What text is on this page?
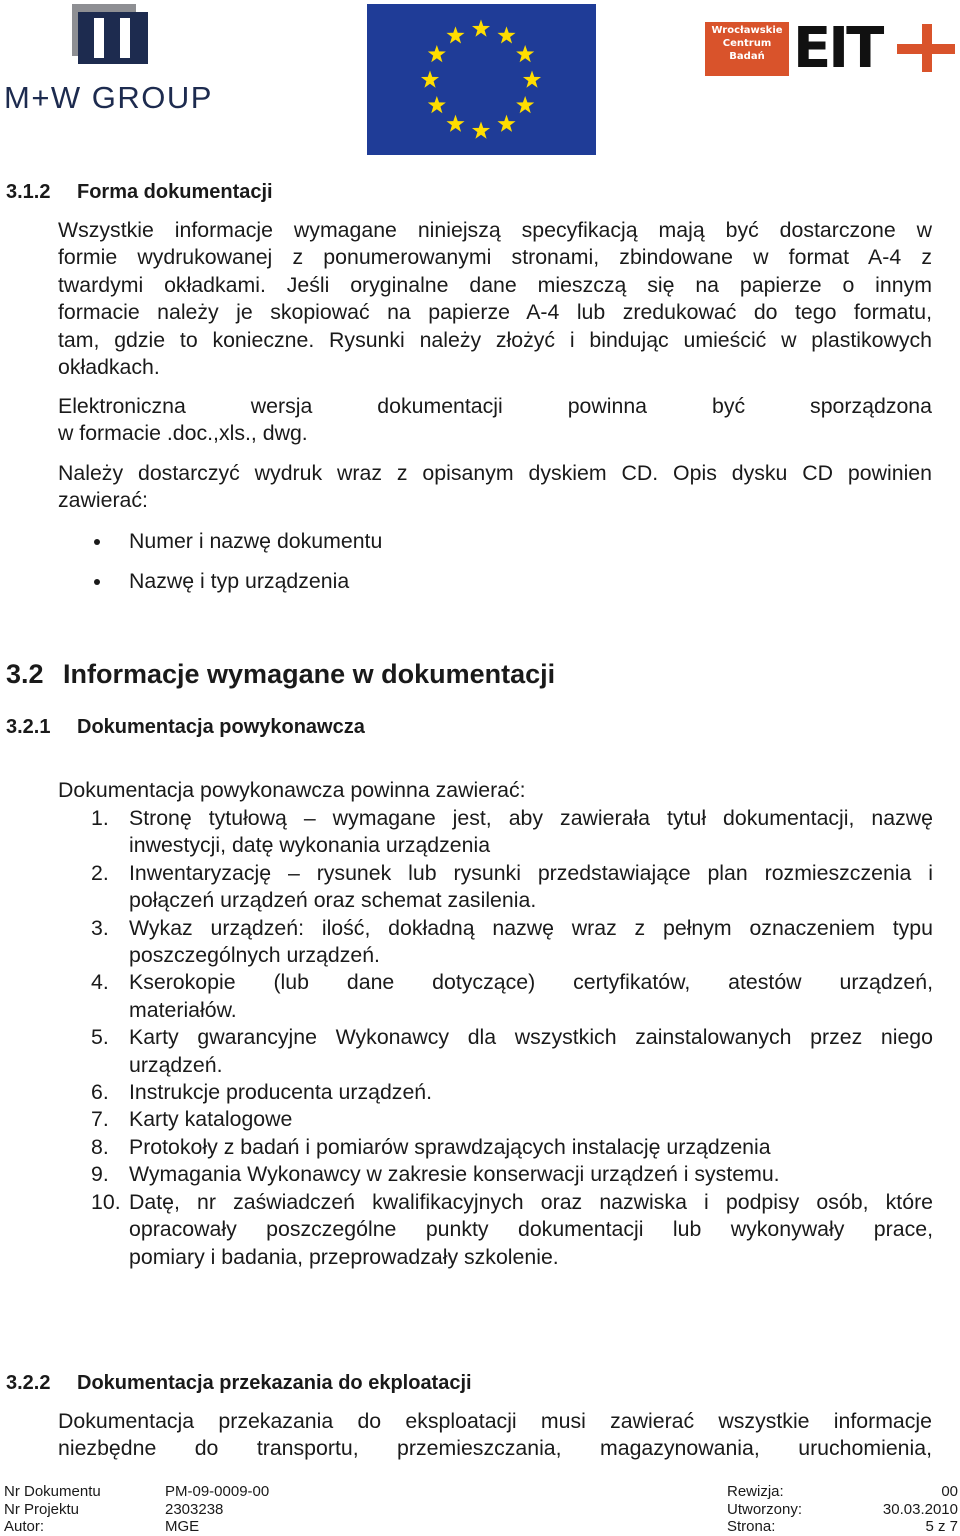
M+W GROUP
Wrocławskie Centrum Badań EIT
3.1.2 Forma dokumentacji
Wszystkie informacje wymagane niniejszą specyfikacją mają być dostarczone w
formie wydrukowanej z ponumerowanymi stronami, zbindowane w format A-4 z
twardymi okładkami. Jeśli oryginalne dane mieszczą się na papierze o innym
formacie należy je skopiować na papierze A-4 lub zredukować do tego formatu,
tam, gdzie to konieczne. Rysunki należy złożyć i bindując umieścić w plastikowych
okładkach.
Elektroniczna wersja dokumentacji powinna być sporządzona
w formacie .doc.,xls., dwg.
Należy dostarczyć wydruk wraz z opisanym dyskiem CD. Opis dysku CD powinien
zawierać:
Numer i nazwę dokumentu
Nazwę i typ urządzenia
3.2 Informacje wymagane w dokumentacji
3.2.1 Dokumentacja powykonawcza
Dokumentacja powykonawcza powinna zawierać:
1. Stronę tytułową – wymagane jest, aby zawierała tytuł dokumentacji, nazwę
inwestycji, datę wykonania urządzenia
2. Inwentaryzację – rysunek lub rysunki przedstawiające plan rozmieszczenia i
połączeń urządzeń oraz schemat zasilenia.
3. Wykaz urządzeń: ilość, dokładną nazwę wraz z pełnym oznaczeniem typu
poszczególnych urządzeń.
4. Kserokopie (lub dane dotyczące) certyfikatów, atestów urządzeń,
materiałów.
5. Karty gwarancyjne Wykonawcy dla wszystkich zainstalowanych przez niego
urządzeń.
6. Instrukcje producenta urządzeń.
7. Karty katalogowe
8. Protokoły z badań i pomiarów sprawdzających instalację urządzenia
9. Wymagania Wykonawcy w zakresie konserwacji urządzeń i systemu.
10. Datę, nr zaświadczeń kwalifikacyjnych oraz nazwiska i podpisy osób, które
opracowały poszczególne punkty dokumentacji lub wykonywały prace,
pomiary i badania, przeprowadzały szkolenie.
3.2.2 Dokumentacja przekazania do ekploatacji
Dokumentacja przekazania do eksploatacji musi zawierać wszystkie informacje
niezbędne do transportu, przemieszczania, magazynowania, uruchomienia,
Nr Dokumentu	PM-09-0009-00
Nr Projektu	2303238
Autor:	MGE
Rewizja:	00
Utworzony:	30.03.2010
Strona:	5 z 7
